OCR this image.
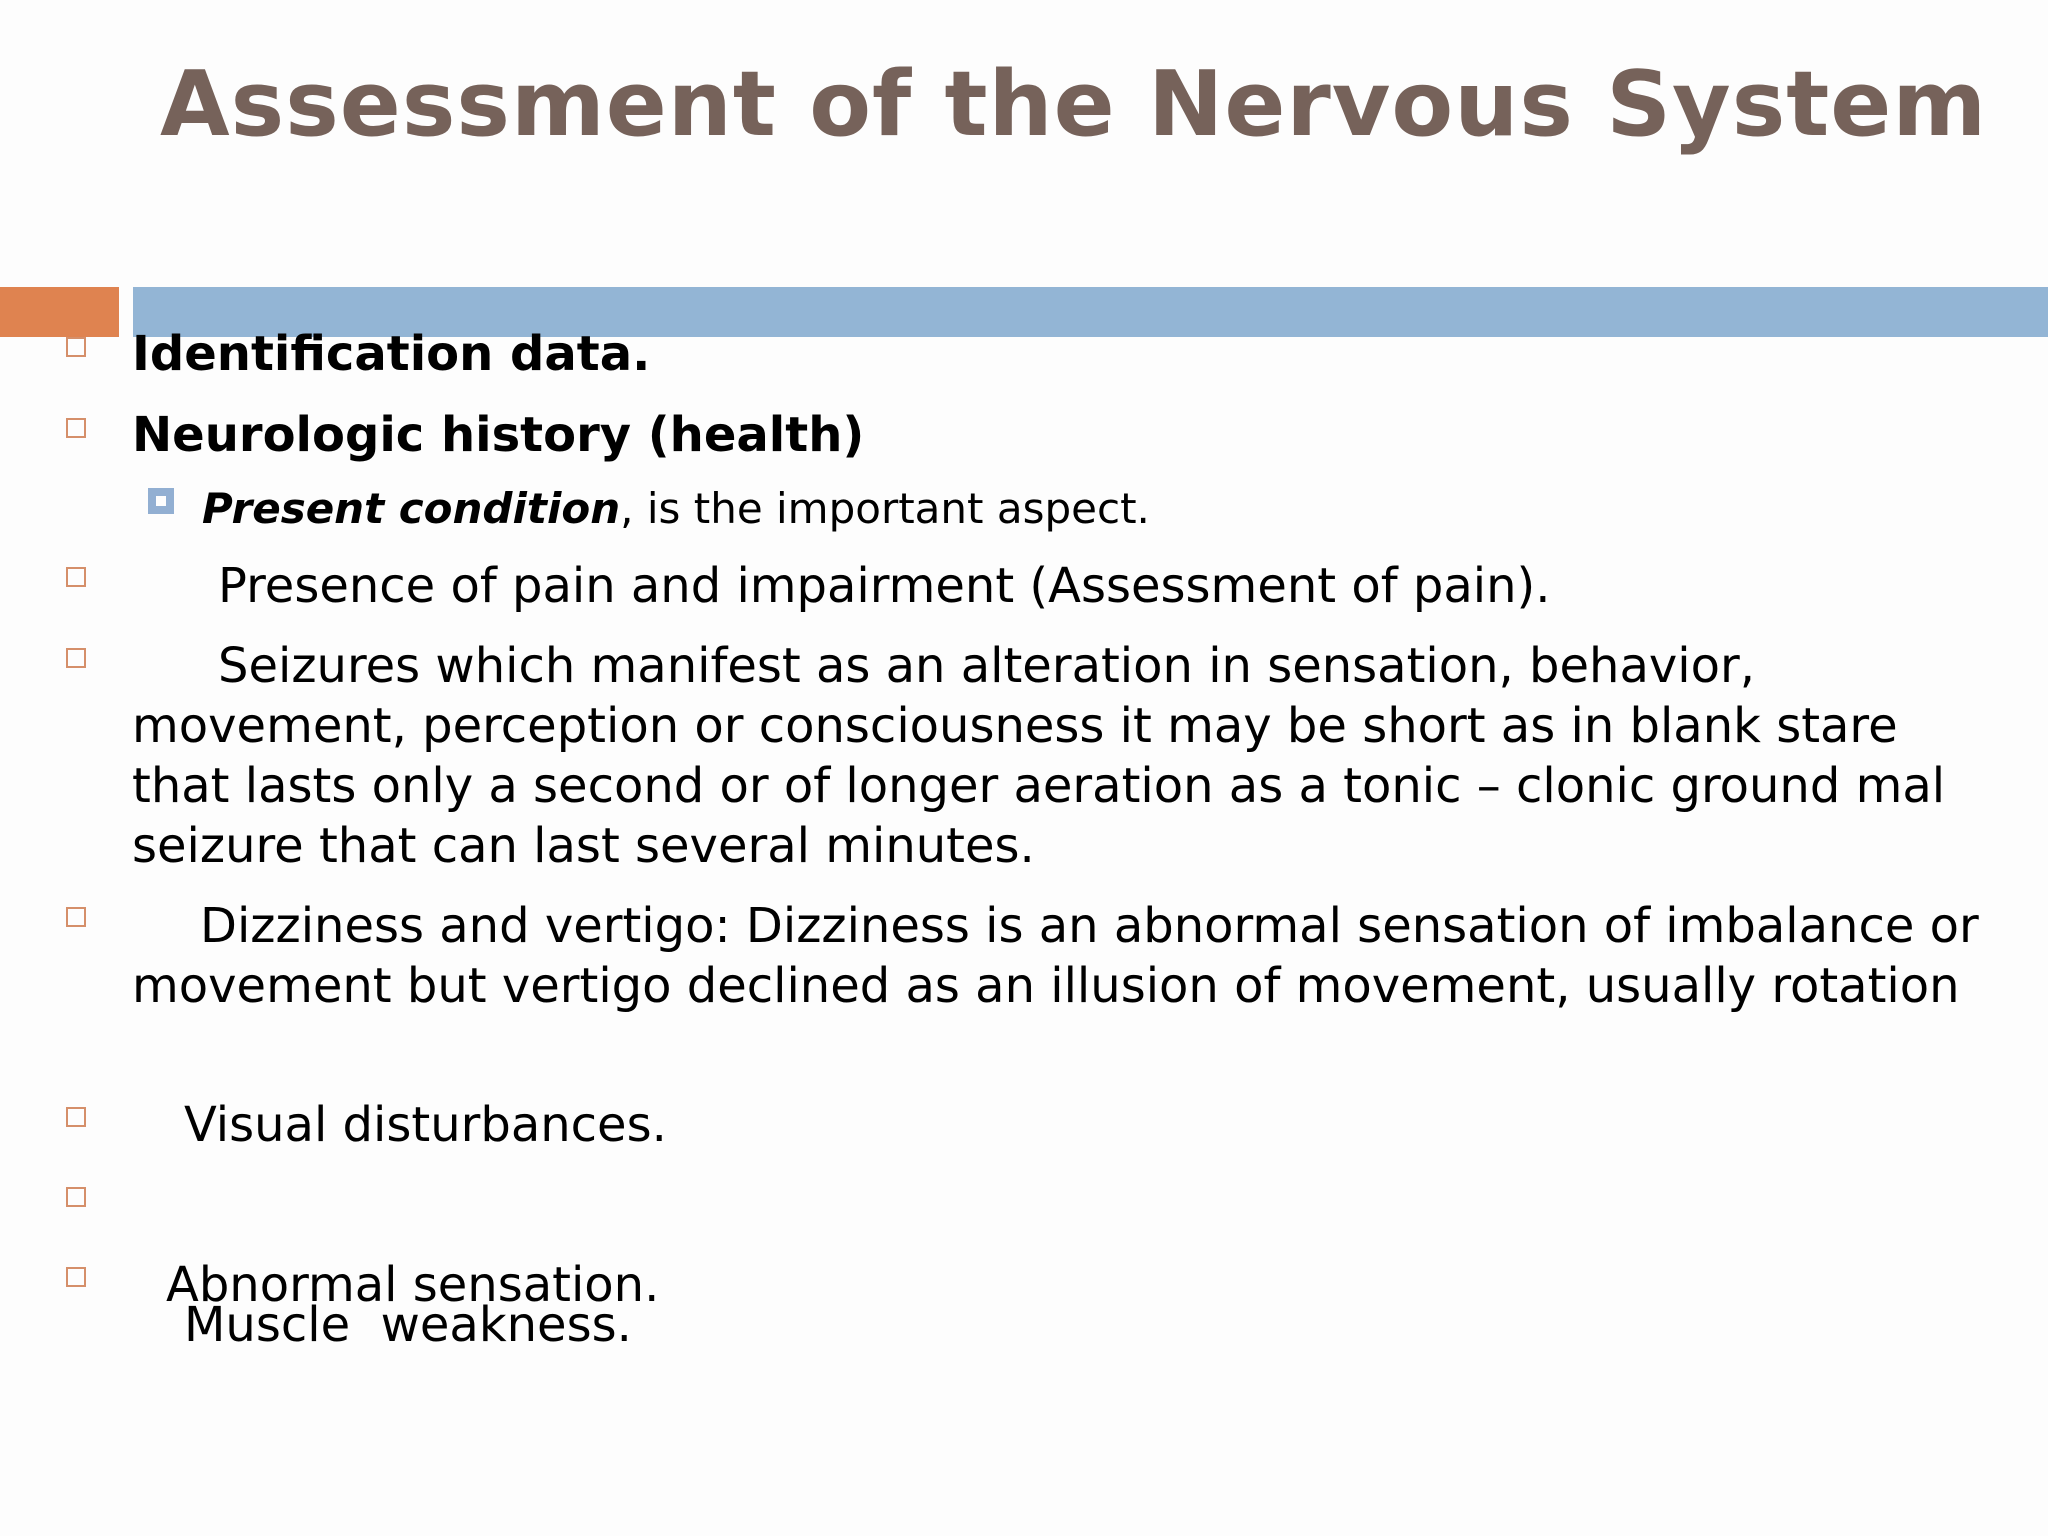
Assessment of the Nervous System
Identification data.
Neurologic history (health)
Present condition, is the important aspect.
Presence of pain and impairment (Assessment of pain).
Seizures which manifest as an alteration in sensation, behavior, movement, perception or consciousness it may be short as in blank stare that lasts only a second or of longer aeration as a tonic – clonic ground mal seizure that can last several minutes.
Dizziness and vertigo: Dizziness is an abnormal sensation of imbalance or movement but vertigo declined as an illusion of movement, usually rotation
Visual disturbances.

Muscle  weakness.

Abnormal sensation.
